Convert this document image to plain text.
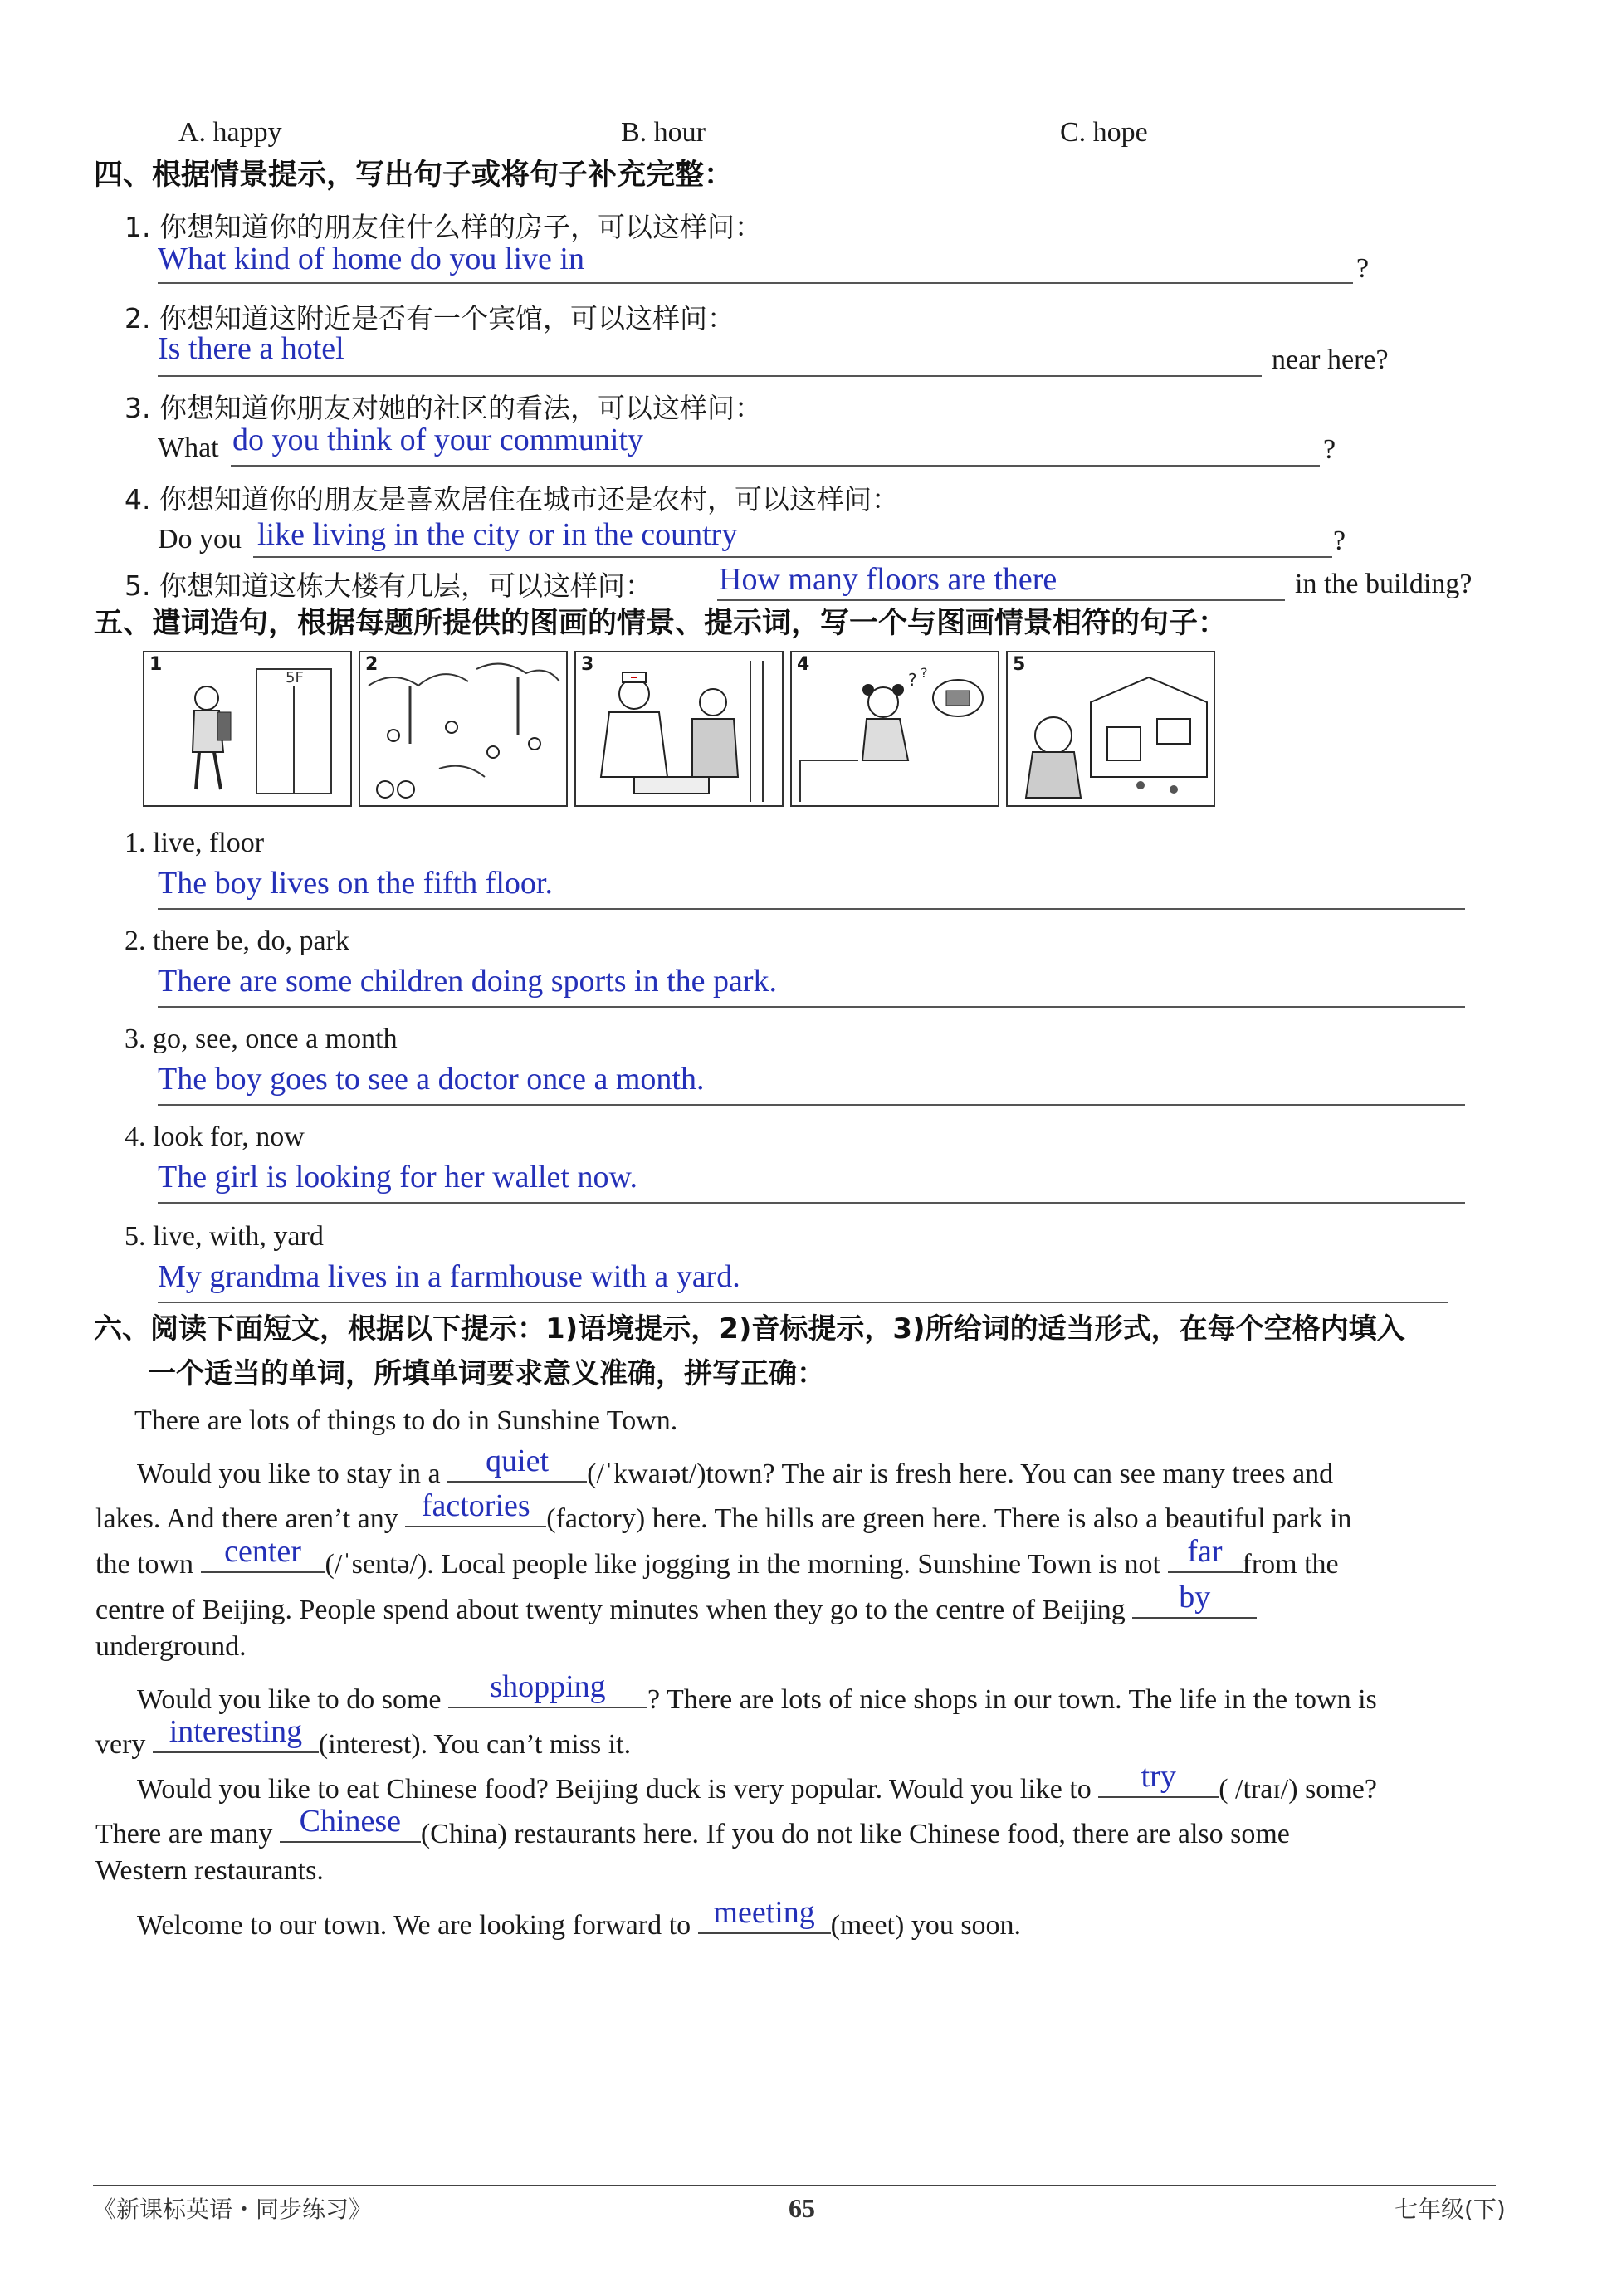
A. happy	B. hour	C. hope
四、根据情景提示，写出句子或将句子补充完整：
1. 你想知道你的朋友住什么样的房子，可以这样问：
What kind of home do you live in	?
2. 你想知道这附近是否有一个宾馆，可以这样问：
Is there a hotel	near here?
3. 你想知道你朋友对她的社区的看法，可以这样问：
What do you think of your community	?
4. 你想知道你的朋友是喜欢居住在城市还是农村，可以这样问：
Do you like living in the city or in the country	?
5. 你想知道这栋大楼有几层，可以这样问： How many floors are there	in the building?
五、遣词造句，根据每题所提供的图画的情景、提示词，写一个与图画情景相符的句子：
1
5F
2	3	4
? ?	5
1. live, floor
The boy lives on the fifth floor.
2. there be, do, park
There are some children doing sports in the park.
3. go, see, once a month
The boy goes to see a doctor once a month.
4. look for, now
The girl is looking for her wallet now.
5. live, with, yard
My grandma lives in a farmhouse with a yard.
六、阅读下面短文，根据以下提示：1)语境提示，2)音标提示，3)所给词的适当形式，在每个空格内填入
一个适当的单词，所填单词要求意义准确，拼写正确：
There are lots of things to do in Sunshine Town.
Would you like to stay in a	quiet	(/ˈkwaɪət/)town? The air is fresh here. You can see many trees and
lakes. And there aren’t any factories (factory) here. The hills are green here. There is also a beautiful park in
the town center (/ˈsentə/). Local people like jogging in the morning. Sunshine Town is not far from the
centre of Beijing. People spend about twenty minutes when they go to the centre of Beijing	by
underground.
Would you like to do some	shopping	? There are lots of nice shops in our town. The life in the town is
very interesting (interest). You can’t miss it.
Would you like to eat Chinese food? Beijing duck is very popular. Would you like to	try	( /traɪ/) some?
There are many Chinese (China) restaurants here. If you do not like Chinese food, there are also some
Western restaurants.
Welcome to our town. We are looking forward to meeting (meet) you soon.
《新课标英语・同步练习》	65	七年级(下)
